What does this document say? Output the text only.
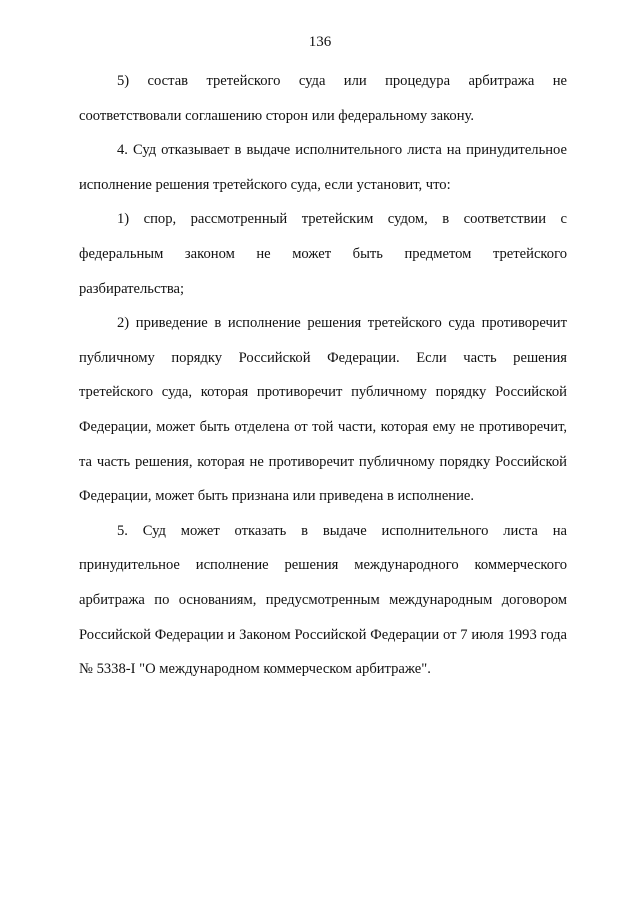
136

5) состав третейского суда или процедура арбитража не соответствовали соглашению сторон или федеральному закону.

4. Суд отказывает в выдаче исполнительного листа на принудительное исполнение решения третейского суда, если установит, что:

1) спор, рассмотренный третейским судом, в соответствии с федеральным законом не может быть предметом третейского разбирательства;

2) приведение в исполнение решения третейского суда противоречит публичному порядку Российской Федерации. Если часть решения третейского суда, которая противоречит публичному порядку Российской Федерации, может быть отделена от той части, которая ему не противоречит, та часть решения, которая не противоречит публичному порядку Российской Федерации, может быть признана или приведена в исполнение.

5. Суд может отказать в выдаче исполнительного листа на принудительное исполнение решения международного коммерческого арбитража по основаниям, предусмотренным международным договором Российской Федерации и Законом Российской Федерации от 7 июля 1993 года № 5338-I "О международном коммерческом арбитраже".
